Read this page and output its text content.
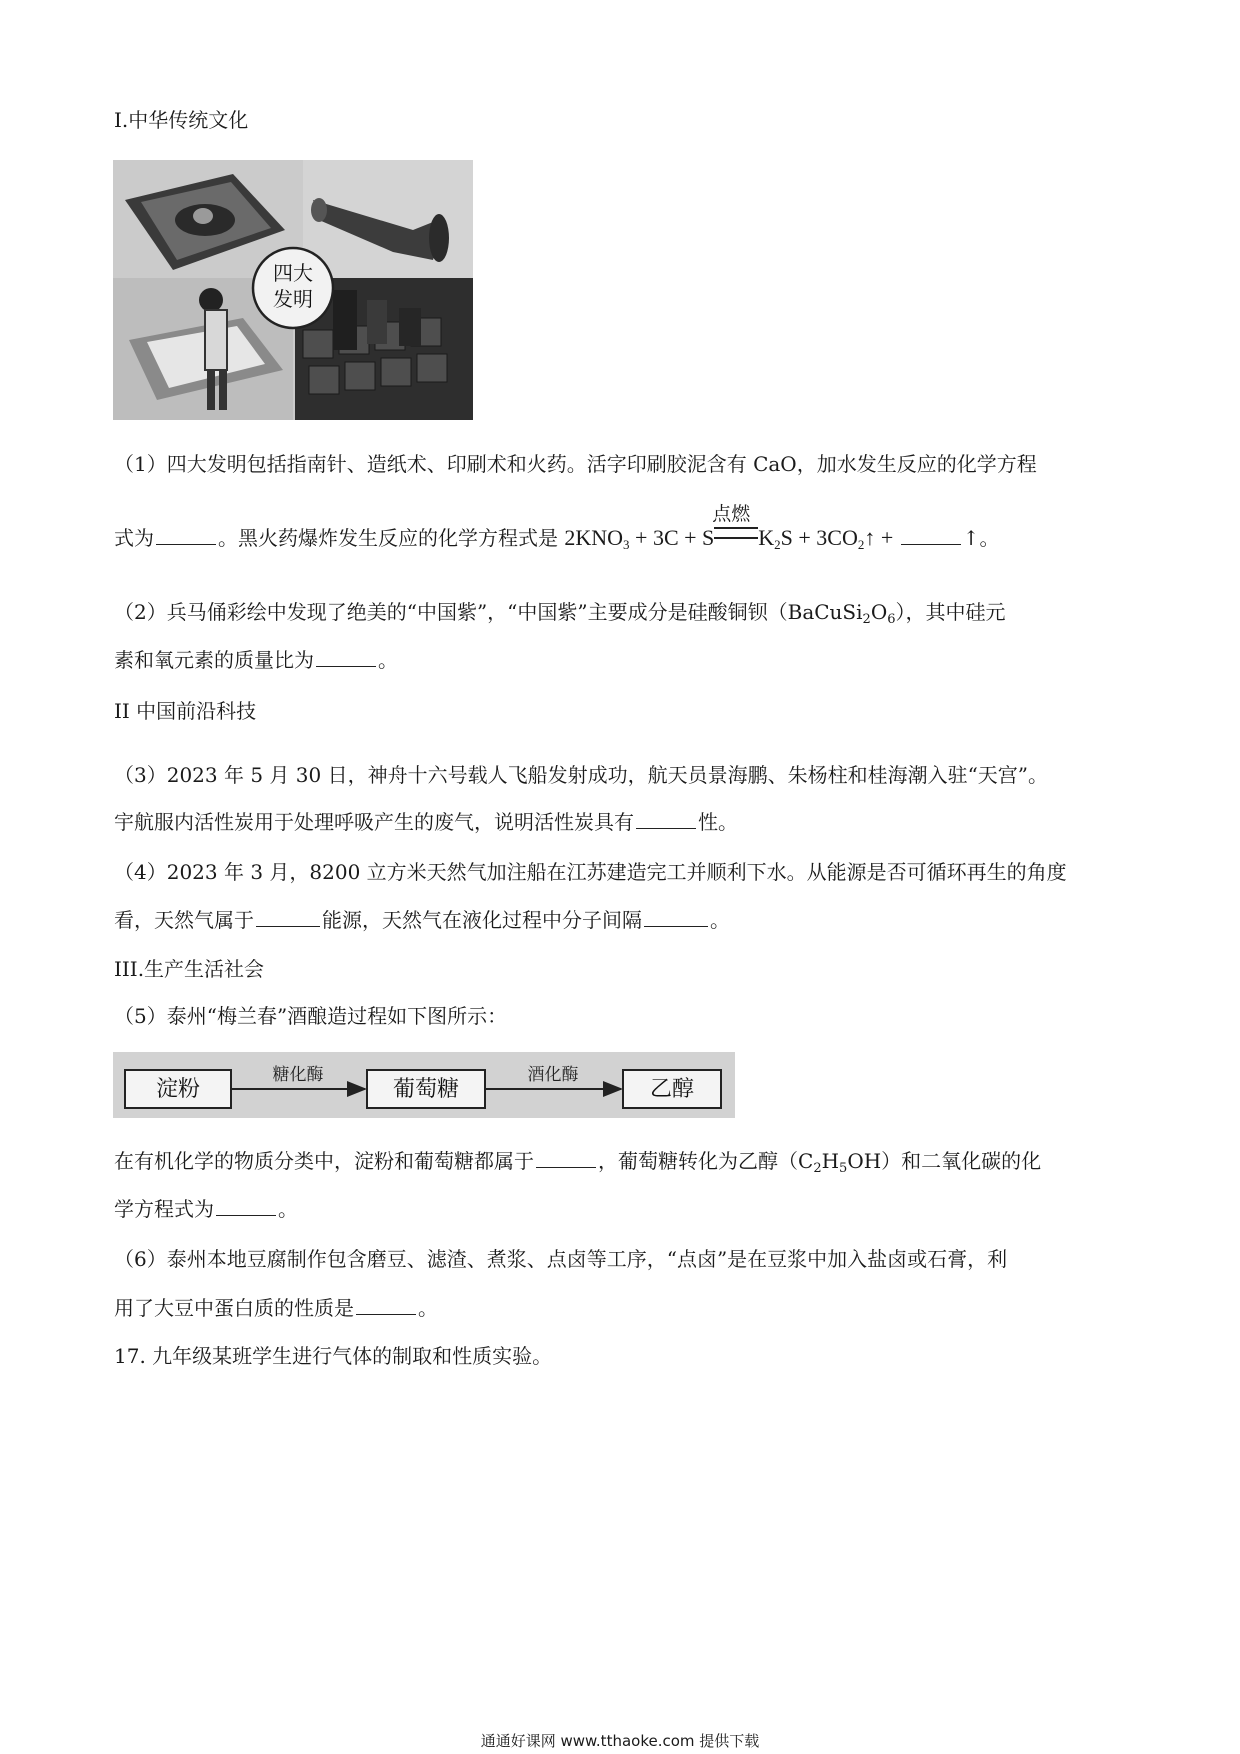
I.中华传统文化
四大
发明
（1）四大发明包括指南针、造纸术、印刷术和火药。活字印刷胶泥含有 CaO，加水发生反应的化学方程
式为	。黑火药爆炸发生反应的化学方程式是 $2KNO_3 + 3C + S$
点燃
$K_2S$ + $3CO_2↑$ +	↑。
（2）兵马俑彩绘中发现了绝美的“中国紫”，“中国紫”主要成分是硅酸铜钡$(BaCuSi_2O_6)$，其中硅元
素和氧元素的质量比为	。
II 中国前沿科技
（3）2023 年 5 月 30 日，神舟十六号载人飞船发射成功，航天员景海鹏、朱杨柱和桂海潮入驻“天宫”。
宇航服内活性炭用于处理呼吸产生的废气，说明活性炭具有	性。
（4）2023 年 3 月，8200 立方米天然气加注船在江苏建造完工并顺利下水。从能源是否可循环再生的角度
看，天然气属于	能源，天然气在液化过程中分子间隔	。
III.生产生活社会
（5）泰州“梅兰春”酒酿造过程如下图所示：
淀粉
糖化酶
葡萄糖
酒化酶
乙醇
在有机化学的物质分类中，淀粉和葡萄糖都属于	，葡萄糖转化为乙醇$(C_2H_5OH)$和二氧化碳的化
学方程式为	。
（6）泰州本地豆腐制作包含磨豆、滤渣、煮浆、点卤等工序，“点卤”是在豆浆中加入盐卤或石膏，利
用了大豆中蛋白质的性质是	。
17. 九年级某班学生进行气体的制取和性质实验。
通通好课网 www.tthaoke.com 提供下载
